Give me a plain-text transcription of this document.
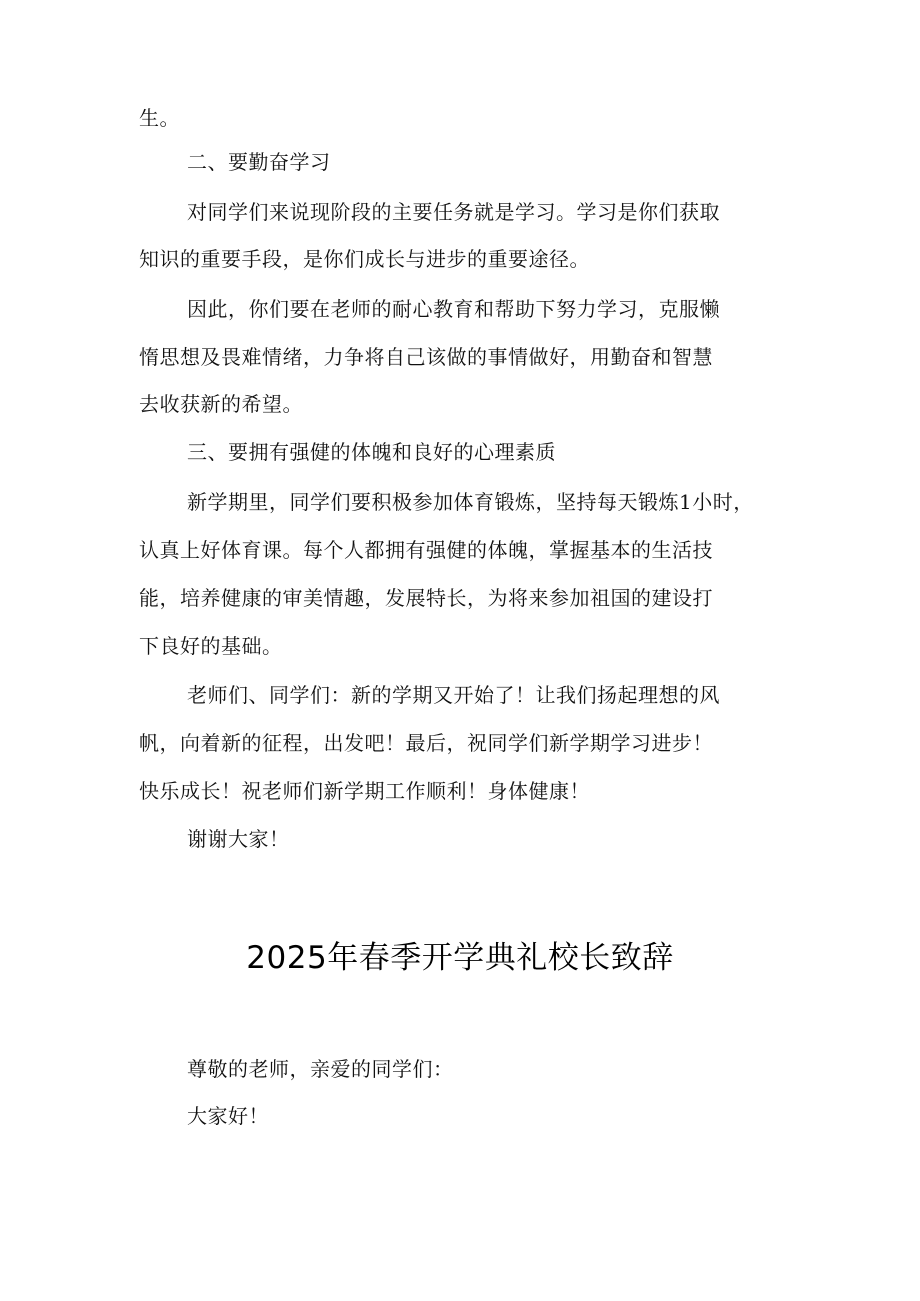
生。
二、要勤奋学习
对同学们来说现阶段的主要任务就是学习。学习是你们获取
知识的重要手段，是你们成长与进步的重要途径。
因此，你们要在老师的耐心教育和帮助下努力学习，克服懒
惰思想及畏难情绪，力争将自己该做的事情做好，用勤奋和智慧
去收获新的希望。
三、要拥有强健的体魄和良好的心理素质
新学期里，同学们要积极参加体育锻炼，坚持每天锻炼1小时，
认真上好体育课。每个人都拥有强健的体魄，掌握基本的生活技
能，培养健康的审美情趣，发展特长，为将来参加祖国的建设打
下良好的基础。
老师们、同学们：新的学期又开始了！让我们扬起理想的风
帆，向着新的征程，出发吧！最后，祝同学们新学期学习进步！
快乐成长！祝老师们新学期工作顺利！身体健康！
谢谢大家！
2025年春季开学典礼校长致辞
尊敬的老师，亲爱的同学们：
大家好！
